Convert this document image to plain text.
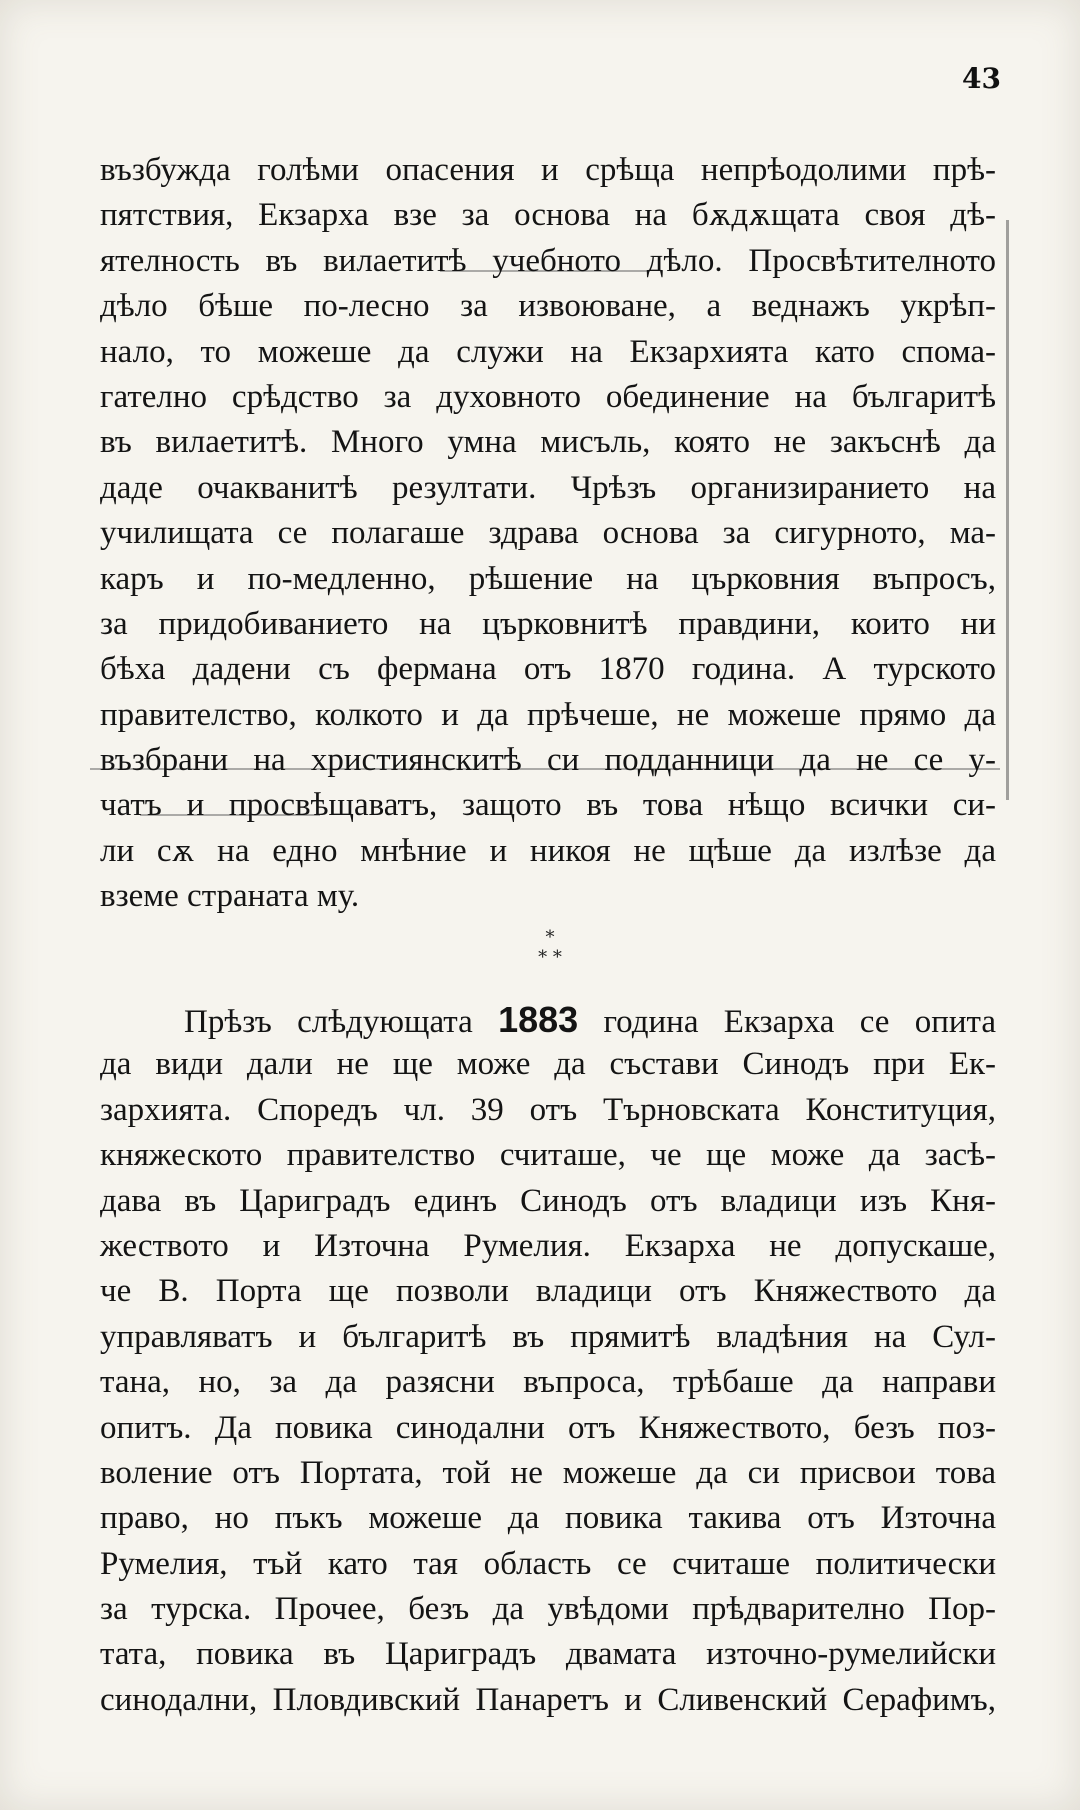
43
възбужда голѣми опасения и срѣща непрѣодолими прѣ-
пятствия, Екзарха взе за основа на бѫдѫщата своя дѣ-
ятелность въ вилаетитѣ учебното дѣло. Просвѣтителното
дѣло бѣше по-лесно за извоюване, а веднажъ укрѣп-
нало, то можеше да служи на Екзархията като спома-
гателно срѣдство за духовното обединение на българитѣ
въ вилаетитѣ. Много умна мисъль, която не закъснѣ да
даде очакванитѣ резултати. Чрѣзъ организиранието на
училищата се полагаше здрава основа за сигурното, ма-
каръ и по-медленно, рѣшение на църковния въпросъ,
за придобиванието на църковнитѣ правдини, които ни
бѣха дадени съ фермана отъ 1870 година. А турското
правителство, колкото и да прѣчеше, не можеше прямо да
възбрани на християнскитѣ си подданници да не се у-
чатъ и просвѣщаватъ, защото въ това нѣщо всички си-
ли сѫ на едно мнѣние и никоя не щѣше да излѣзе да
вземе страната му.
*
* *
Прѣзъ слѣдующата 1883 година Екзарха се опита
да види дали не ще може да състави Синодъ при Ек-
зархията. Споредъ чл. 39 отъ Търновската Конституция,
княжеското правителство считаше, че ще може да засѣ-
дава въ Цариградъ единъ Синодъ отъ владици изъ Кня-
жеството и Източна Румелия. Екзарха не допускаше,
че В. Порта ще позволи владици отъ Княжеството да
управляватъ и българитѣ въ прямитѣ владѣния на Сул-
тана, но, за да разясни въпроса, трѣбаше да направи
опитъ. Да повика синодални отъ Княжеството, безъ поз-
воление отъ Портата, той не можеше да си присвои това
право, но пъкъ можеше да повика такива отъ Източна
Румелия, тъй като тая область се считаше политически
за турска. Прочее, безъ да увѣдоми прѣдварително Пор-
тата, повика въ Цариградъ двамата източно-румелийски
синодални, Пловдивский Панаретъ и Сливенский Серафимъ,
